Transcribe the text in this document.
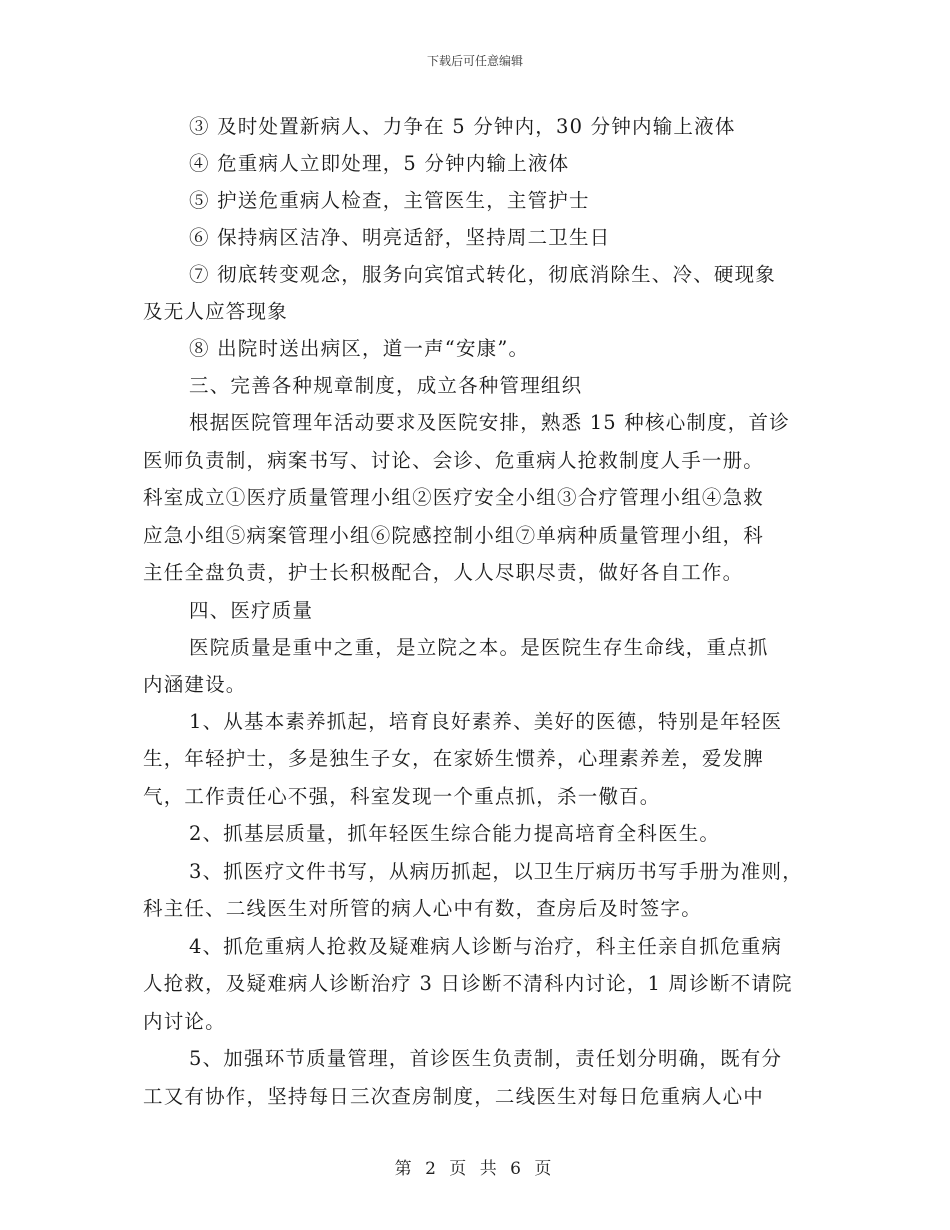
下载后可任意编辑
③ 及时处置新病人、力争在 5 分钟内，30 分钟内输上液体
④ 危重病人立即处理，5 分钟内输上液体
⑤ 护送危重病人检查，主管医生，主管护士
⑥ 保持病区洁净、明亮适舒，坚持周二卫生日
⑦ 彻底转变观念，服务向宾馆式转化，彻底消除生、冷、硬现象
及无人应答现象
⑧ 出院时送出病区，道一声“安康”。
三、完善各种规章制度，成立各种管理组织
根据医院管理年活动要求及医院安排，熟悉 15 种核心制度，首诊
医师负责制，病案书写、讨论、会诊、危重病人抢救制度人手一册。
科室成立①医疗质量管理小组②医疗安全小组③合疗管理小组④急救
应急小组⑤病案管理小组⑥院感控制小组⑦单病种质量管理小组，科
主任全盘负责，护士长积极配合，人人尽职尽责，做好各自工作。
四、医疗质量
医院质量是重中之重，是立院之本。是医院生存生命线，重点抓
内涵建设。
1、从基本素养抓起，培育良好素养、美好的医德，特别是年轻医
生，年轻护士，多是独生子女，在家娇生惯养，心理素养差，爱发脾
气，工作责任心不强，科室发现一个重点抓，杀一儆百。
2、抓基层质量，抓年轻医生综合能力提高培育全科医生。
3、抓医疗文件书写，从病历抓起，以卫生厅病历书写手册为准则，
科主任、二线医生对所管的病人心中有数，查房后及时签字。
4、抓危重病人抢救及疑难病人诊断与治疗，科主任亲自抓危重病
人抢救，及疑难病人诊断治疗 3 日诊断不清科内讨论，1 周诊断不请院
内讨论。
5、加强环节质量管理，首诊医生负责制，责任划分明确，既有分
工又有协作，坚持每日三次查房制度，二线医生对每日危重病人心中
第 2 页 共 6 页
